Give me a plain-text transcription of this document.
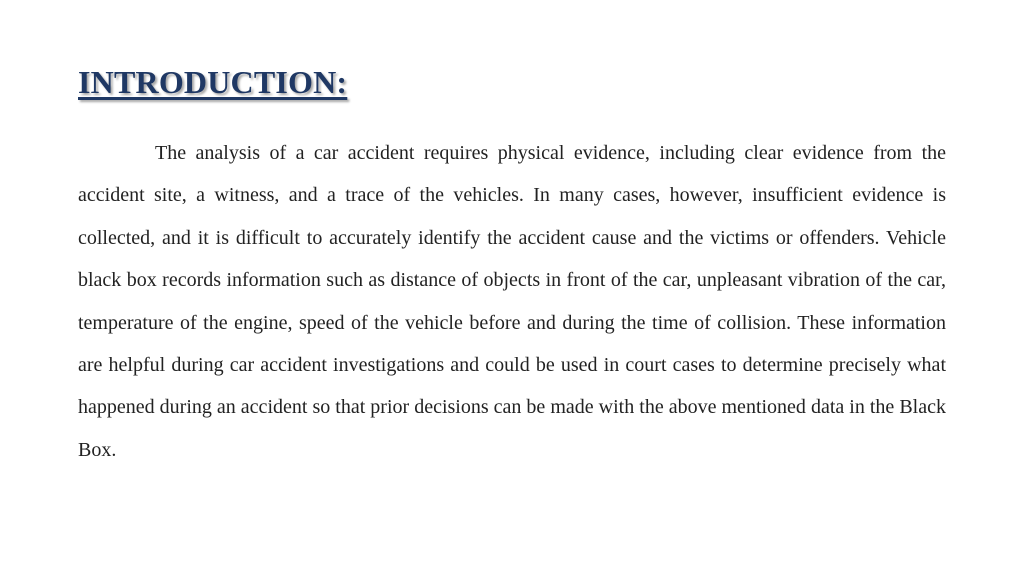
INTRODUCTION:

The analysis of a car accident requires physical evidence, including clear evidence from the accident site, a witness, and a trace of the vehicles. In many cases, however, insufficient evidence is collected, and it is difficult to accurately identify the accident cause and the victims or offenders. Vehicle black box records information such as distance of objects in front of the car, unpleasant vibration of the car, temperature of the engine, speed of the vehicle before and during the time of collision. These information are helpful during car accident investigations and could be used in court cases to determine precisely what happened during an accident so that prior decisions can be made with the above mentioned data in the Black Box.
